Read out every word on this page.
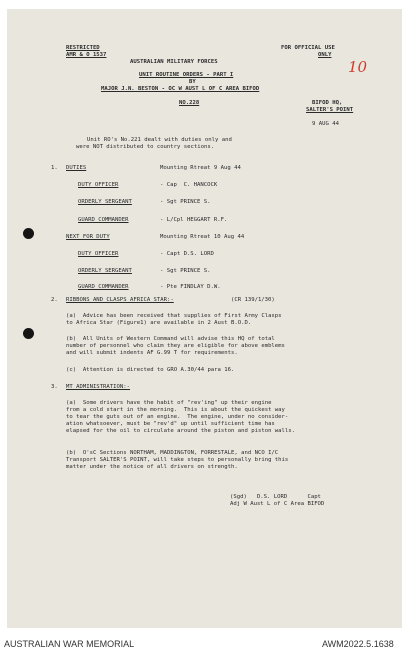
RESTRICTED
AMR & O 1537
FOR OFFICIAL USE
ONLY
10
AUSTRALIAN MILITARY FORCES
UNIT ROUTINE ORDERS - PART I
BY
MAJOR J.N. BESTON - OC W AUST L OF C AREA BIFOD
NO.228	BIFOD HQ,
SALTER'S POINT
9 AUG 44
Unit RO's No.221 dealt with duties only and
were NOT distributed to country sections.
1. DUTIES	Mounting Rtreat 9 Aug 44
DUTY OFFICER	- Cap  C. HANCOCK
ORDERLY SERGEANT	- Sgt PRINCE S.
GUARD COMMANDER	- L/Cpl HEGGART R.F.
NEXT FOR DUTY	Mounting Rtreat 10 Aug 44
DUTY OFFICER	- Capt D.S. LORD
ORDERLY SERGEANT	- Sgt PRINCE S.
GUARD COMMANDER	- Pte FINDLAY D.W.
2. RIBBONS AND CLASPS AFRICA STAR:-	(CR 139/1/30)
(a)  Advice has been received that supplies of First Army Clasps
to Africa Star (Figure1) are available in 2 Aust B.O.D.
(b)  All Units of Western Command will advise this HQ of total
number of personnel who claim they are eligible for above emblems
and will submit indents AF G.99 T for requirements.
(c)  Attention is directed to GRO A.30/44 para 16.
3. MT ADMINISTRATION:-
(a)  Some drivers have the habit of "rev'ing" up their engine
from a cold start in the morning.  This is about the quickest way
to tear the guts out of an engine.  The engine, under no consider-
ation whatsoever, must be "rev'd" up until sufficient time has
elapsed for the oil to circulate around the piston and piston walls.
(b)  O'sC Sections NORTHAM, MADDINGTON, FORRESTALE, and NCO I/C
Transport SALTER'S POINT, will take steps to personally bring this
matter under the notice of all drivers on strength.
(Sgd)   D.S. LORD      Capt
Adj W Aust L of C Area BIFOD
AUSTRALIAN WAR MEMORIAL	AWM2022.5.1638
